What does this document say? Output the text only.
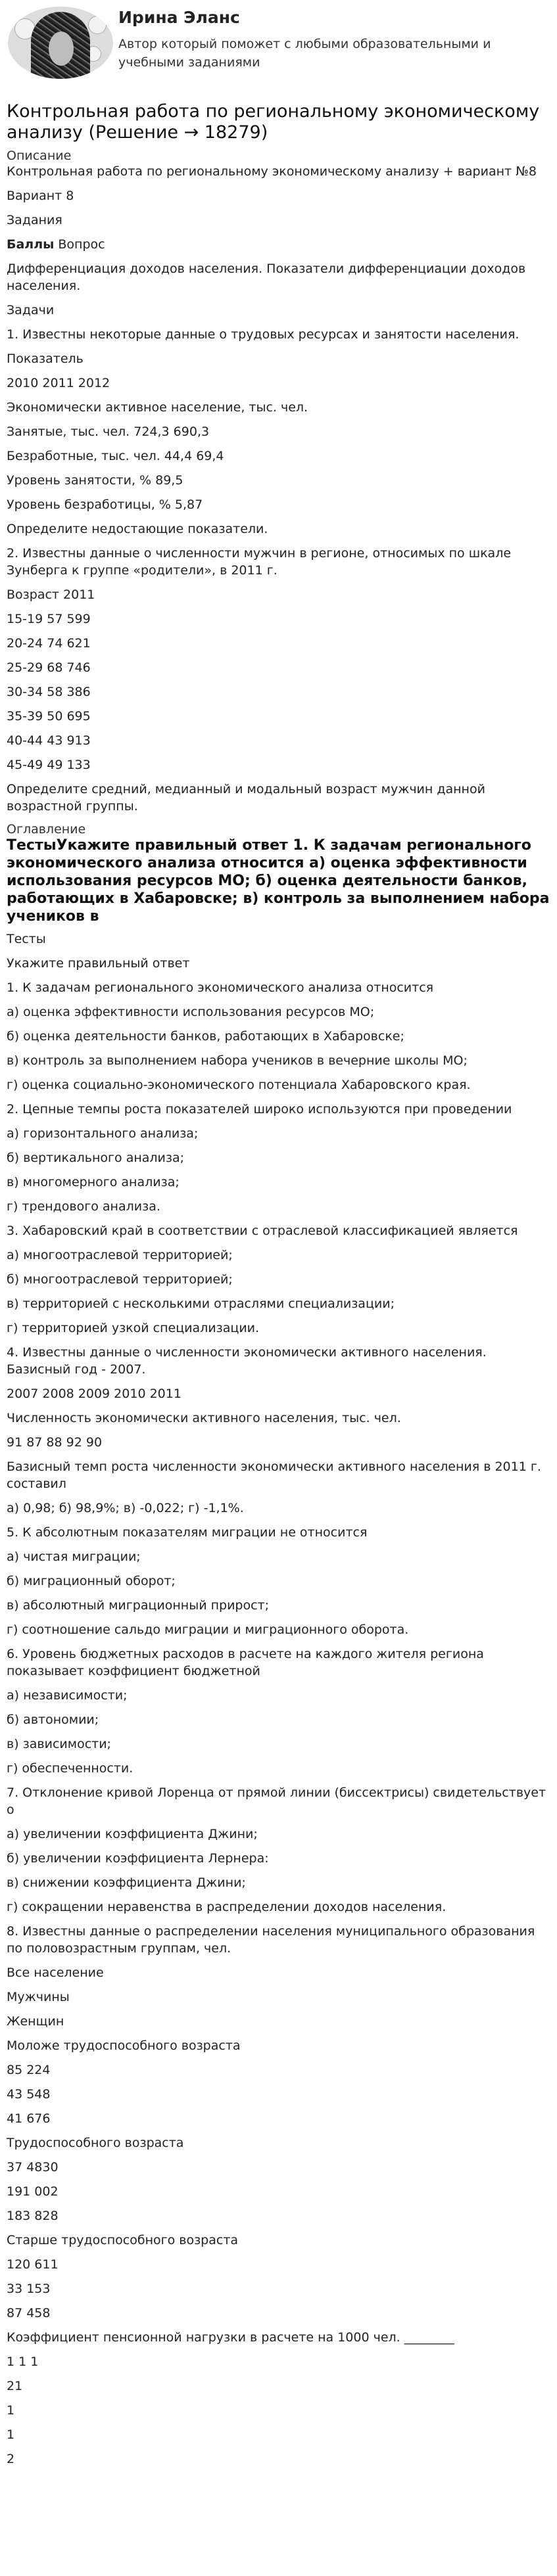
Ирина Эланс
Автор который поможет с любыми образовательными и учебными заданиями
Контрольная работа по региональному экономическому анализу (Решение → 18279)
Описание

Контрольная работа по региональному экономическому анализу + вариант №8

Вариант 8

Задания

Баллы Вопрос

Дифференциация доходов населения. Показатели дифференциации доходов населения.

Задачи

1. Известны некоторые данные о трудовых ресурсах и занятости населения.

Показатель

2010 2011 2012

Экономически активное население, тыс. чел.

Занятые, тыс. чел. 724,3 690,3

Безработные, тыс. чел. 44,4 69,4

Уровень занятости, % 89,5

Уровень безработицы, % 5,87

Определите недостающие показатели.

2. Известны данные о численности мужчин в регионе, относимых по шкале Зунберга к группе «родители», в 2011 г.

Возраст 2011

15-19 57 599

20-24 74 621

25-29 68 746

30-34 58 386

35-39 50 695

40-44 43 913

45-49 49 133

Определите средний, медианный и модальный возраст мужчин данной возрастной группы.

Оглавление
ТестыУкажите правильный ответ 1. К задачам регионального экономического анализа относится а) оценка эффективности использования ресурсов МО; б) оценка деятельности банков, работающих в Хабаровске; в) контроль за выполнением набора учеников в

Тесты

Укажите правильный ответ

1. К задачам регионального экономического анализа относится

а) оценка эффективности использования ресурсов МО;

б) оценка деятельности банков, работающих в Хабаровске;

в) контроль за выполнением набора учеников в вечерние школы МО;

г) оценка социально-экономического потенциала Хабаровского края.

2. Цепные темпы роста показателей широко используются при проведении

а) горизонтального анализа;

б) вертикального анализа;

в) многомерного анализа;

г) трендового анализа.

3. Хабаровский край в соответствии с отраслевой классификацией является

а) многоотраслевой территорией;

б) многоотраслевой территорией;

в) территорией с несколькими отраслями специализации;

г) территорией узкой специализации.

4. Известны данные о численности экономически активного населения. Базисный год - 2007.

2007 2008 2009 2010 2011

Численность экономически активного населения, тыс. чел.

91 87 88 92 90

Базисный темп роста численности экономически активного населения в 2011 г. составил

а) 0,98; б) 98,9%; в) -0,022; г) -1,1%.

5. К абсолютным показателям миграции не относится

а) чистая миграции;

б) миграционный оборот;

в) абсолютный миграционный прирост;

г) соотношение сальдо миграции и миграционного оборота.

6. Уровень бюджетных расходов в расчете на каждого жителя региона показывает коэффициент бюджетной

а) независимости;

б) автономии;

в) зависимости;

г) обеспеченности.

7. Отклонение кривой Лоренца от прямой линии (биссектрисы) свидетельствует о

а) увеличении коэффициента Джини;

б) увеличении коэффициента Лернера:

в) снижении коэффициента Джини;

г) сокращении неравенства в распределении доходов населения.

8. Известны данные о распределении населения муниципального образования по половозрастным группам, чел.

Все население

Мужчины

Женщин

Моложе трудоспособного возраста

85 224

43 548

41 676

Трудоспособного возраста

37 4830

191 002

183 828

Старше трудоспособного возраста

120 611

33 153

87 458

Коэффициент пенсионной нагрузки в расчете на 1000 чел. ________

1 1 1

21

1

1

2
